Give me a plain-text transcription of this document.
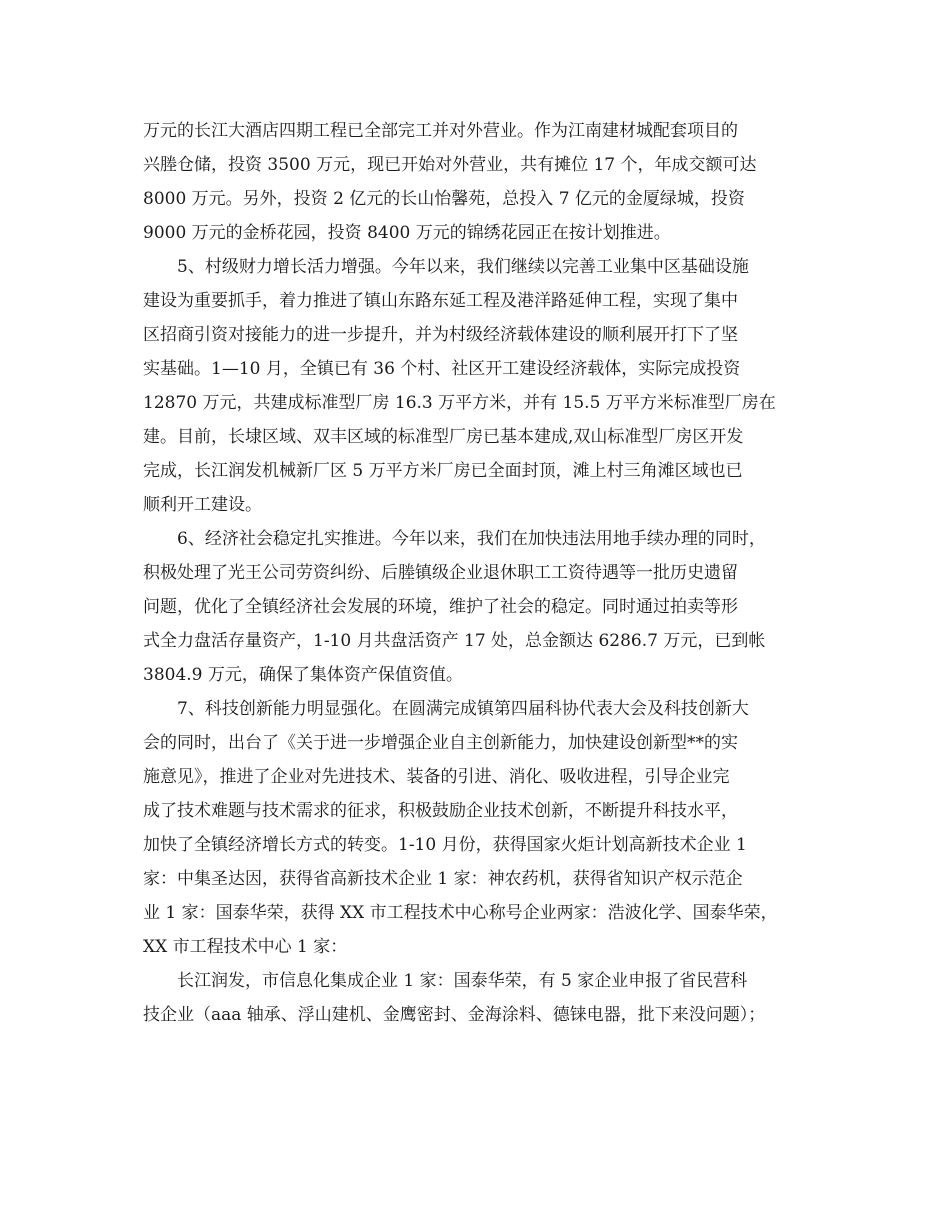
万元的长江大酒店四期工程已全部完工并对外营业。作为江南建材城配套项目的
兴塍仓储，投资 3500 万元，现已开始对外营业，共有摊位 17 个，年成交额可达
8000 万元。另外，投资 2 亿元的长山怡馨苑，总投入 7 亿元的金厦绿城，投资
9000 万元的金桥花园，投资 8400 万元的锦绣花园正在按计划推进。
5、村级财力增长活力增强。今年以来，我们继续以完善工业集中区基础设施
建设为重要抓手，着力推进了镇山东路东延工程及港洋路延伸工程，实现了集中
区招商引资对接能力的进一步提升，并为村级经济载体建设的顺利展开打下了坚
实基础。1—10 月，全镇已有 36 个村、社区开工建设经济载体，实际完成投资
12870 万元，共建成标准型厂房 16.3 万平方米，并有 15.5 万平方米标准型厂房在
建。目前，长埭区域、双丰区域的标准型厂房已基本建成,双山标准型厂房区开发
完成，长江润发机械新厂区 5 万平方米厂房已全面封顶，滩上村三角滩区域也已
顺利开工建设。
6、经济社会稳定扎实推进。今年以来，我们在加快违法用地手续办理的同时，
积极处理了光王公司劳资纠纷、后塍镇级企业退休职工工资待遇等一批历史遗留
问题，优化了全镇经济社会发展的环境，维护了社会的稳定。同时通过拍卖等形
式全力盘活存量资产，1-10 月共盘活资产 17 处，总金额达 6286.7 万元，已到帐
3804.9 万元，确保了集体资产保值资值。
7、科技创新能力明显强化。在圆满完成镇第四届科协代表大会及科技创新大
会的同时，出台了《关于进一步增强企业自主创新能力，加快建设创新型**的实
施意见》，推进了企业对先进技术、装备的引进、消化、吸收进程，引导企业完
成了技术难题与技术需求的征求，积极鼓励企业技术创新，不断提升科技水平，
加快了全镇经济增长方式的转变。1-10 月份，获得国家火炬计划高新技术企业 1
家：中集圣达因，获得省高新技术企业 1 家：神农药机，获得省知识产权示范企
业 1 家：国泰华荣，获得 XX 市工程技术中心称号企业两家：浩波化学、国泰华荣，
XX 市工程技术中心 1 家：
长江润发，市信息化集成企业 1 家：国泰华荣，有 5 家企业申报了省民营科
技企业（aaa 轴承、浮山建机、金鹰密封、金海涂料、德铼电器，批下来没问题）；
